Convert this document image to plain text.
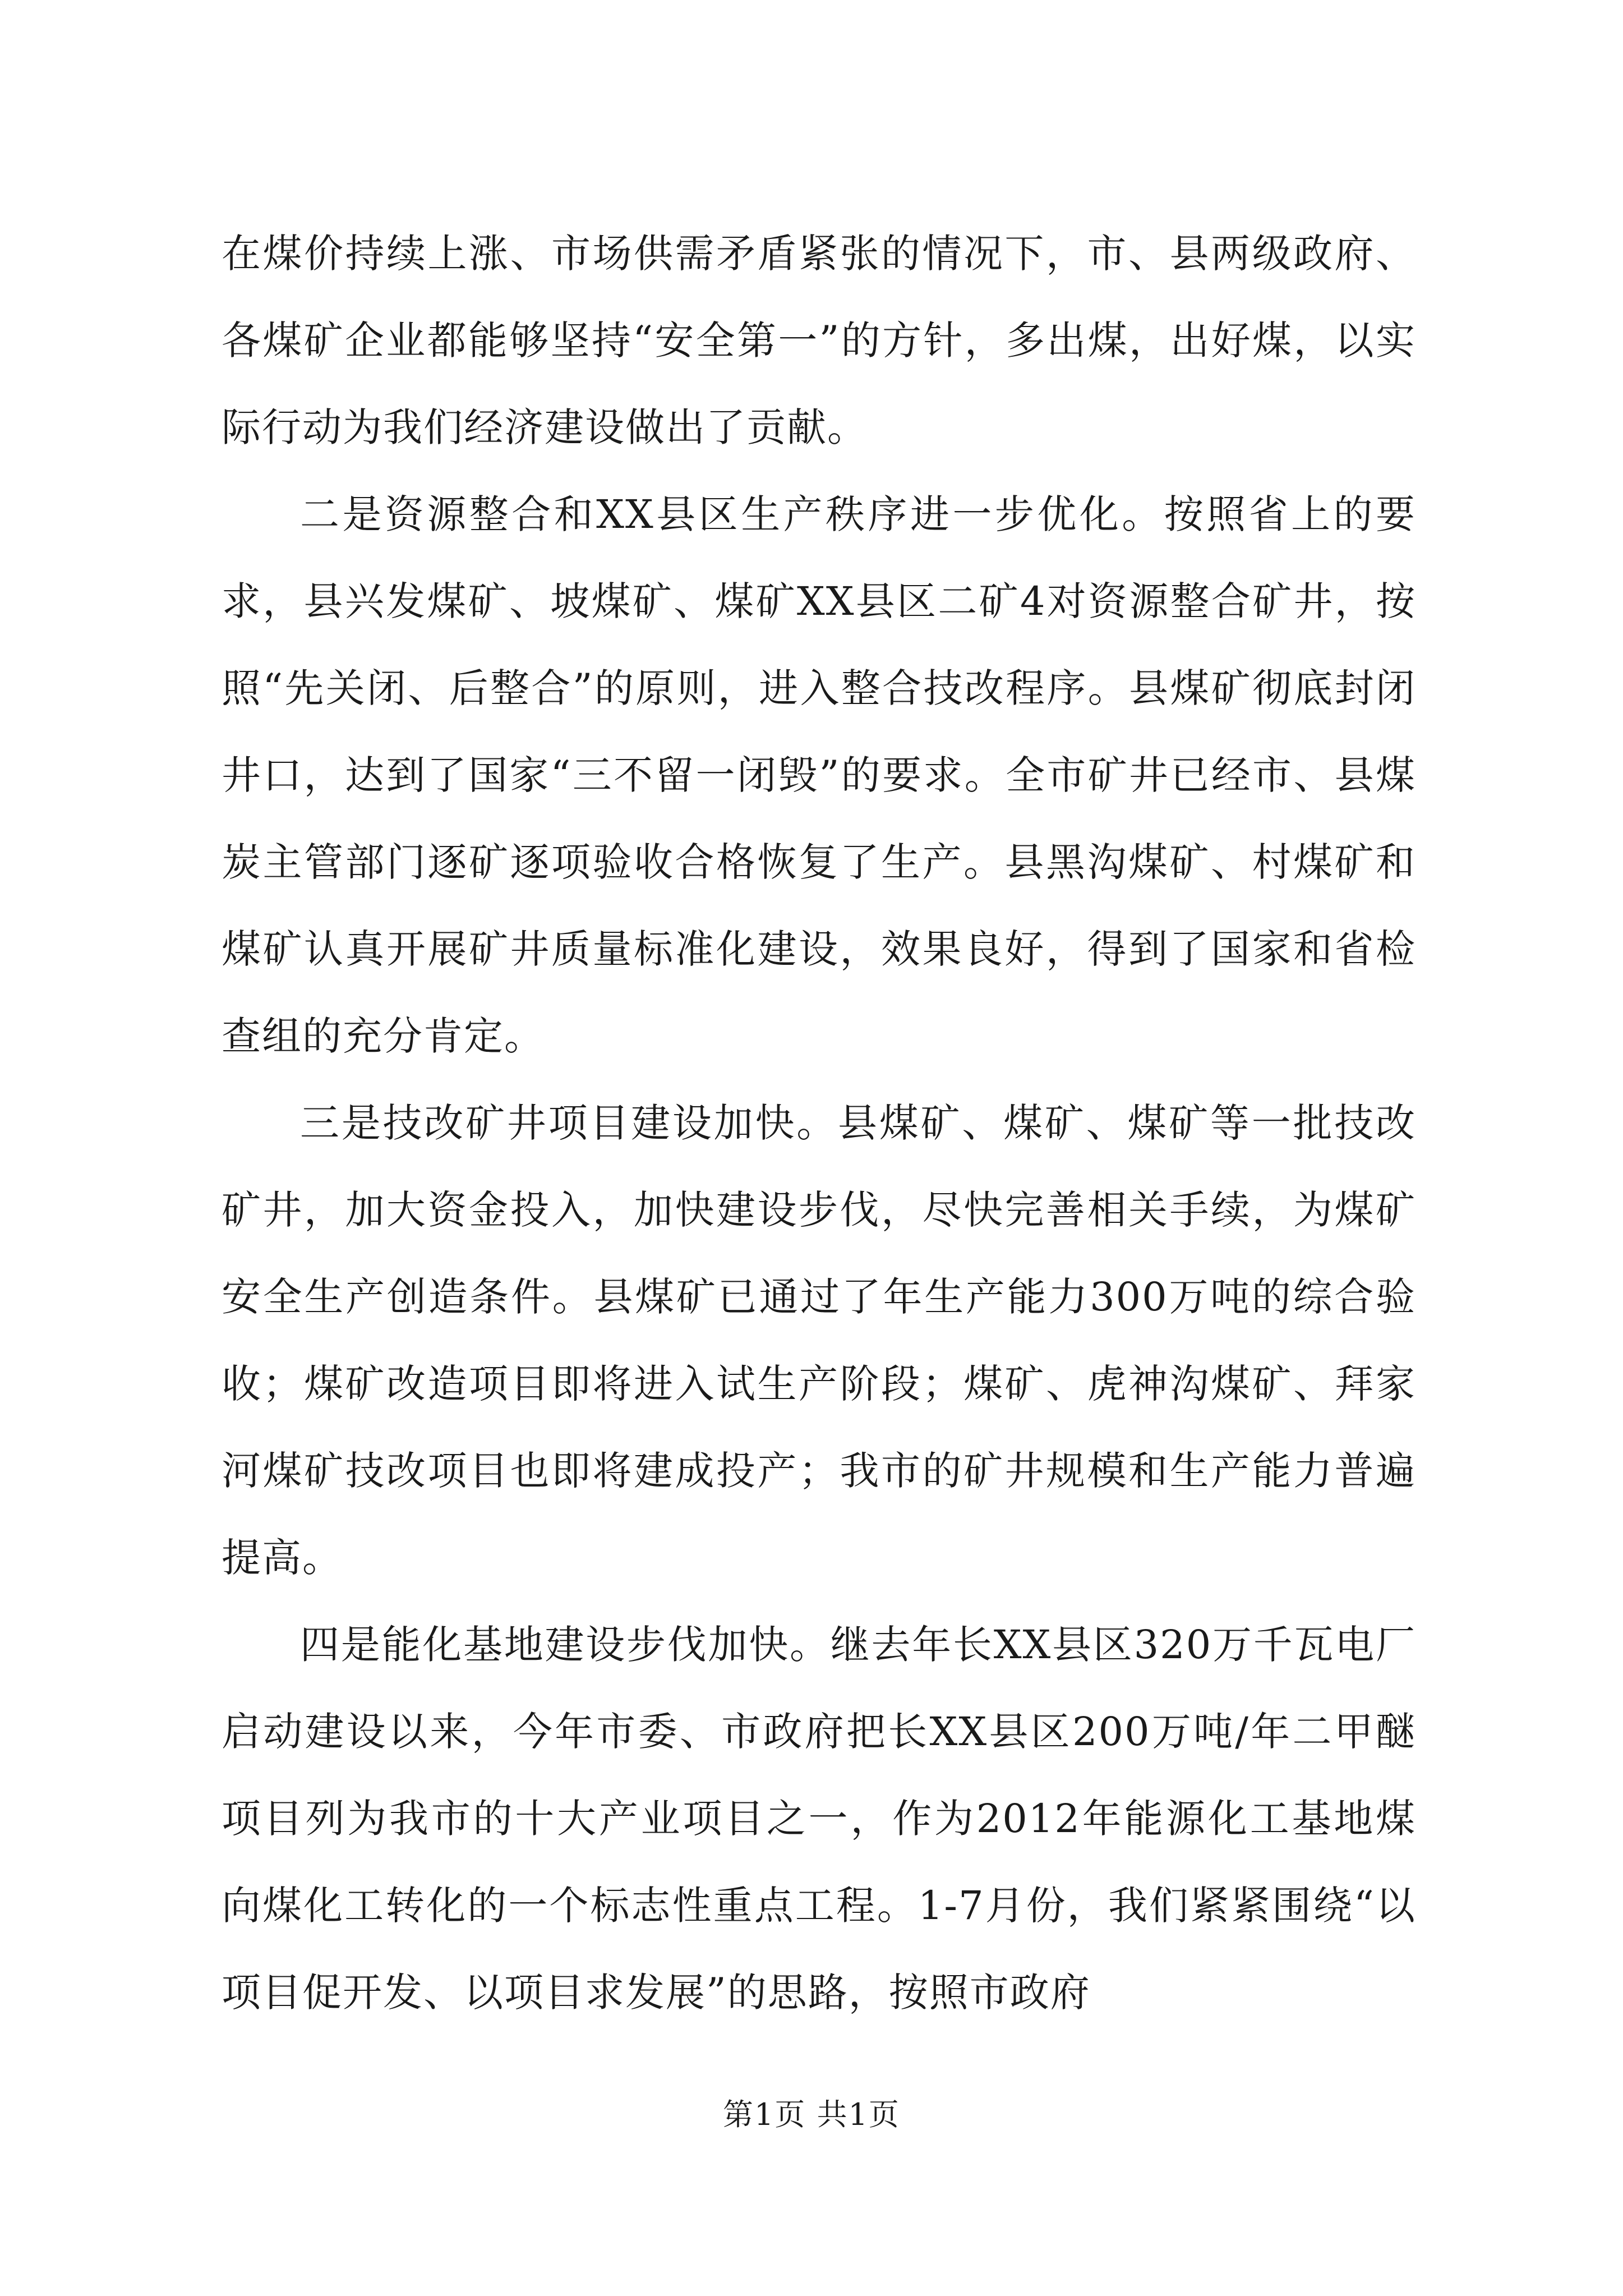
在煤价持续上涨、市场供需矛盾紧张的情况下，市、县两级政府、各煤矿企业都能够坚持“安全第一”的方针，多出煤，出好煤，以实际行动为我们经济建设做出了贡献。

二是资源整合和XX县区生产秩序进一步优化。按照省上的要求，县兴发煤矿、坡煤矿、煤矿XX县区二矿4对资源整合矿井，按照“先关闭、后整合”的原则，进入整合技改程序。县煤矿彻底封闭井口，达到了国家“三不留一闭毁”的要求。全市矿井已经市、县煤炭主管部门逐矿逐项验收合格恢复了生产。县黑沟煤矿、村煤矿和煤矿认真开展矿井质量标准化建设，效果良好，得到了国家和省检查组的充分肯定。

三是技改矿井项目建设加快。县煤矿、煤矿、煤矿等一批技改矿井，加大资金投入，加快建设步伐，尽快完善相关手续，为煤矿安全生产创造条件。县煤矿已通过了年生产能力300万吨的综合验收；煤矿改造项目即将进入试生产阶段；煤矿、虎神沟煤矿、拜家河煤矿技改项目也即将建成投产；我市的矿井规模和生产能力普遍提高。

四是能化基地建设步伐加快。继去年长XX县区320万千瓦电厂启动建设以来，今年市委、市政府把长XX县区200万吨/年二甲醚项目列为我市的十大产业项目之一，作为2012年能源化工基地煤向煤化工转化的一个标志性重点工程。1-7月份，我们紧紧围绕“以项目促开发、以项目求发展”的思路，按照市政府

第1页 共1页
